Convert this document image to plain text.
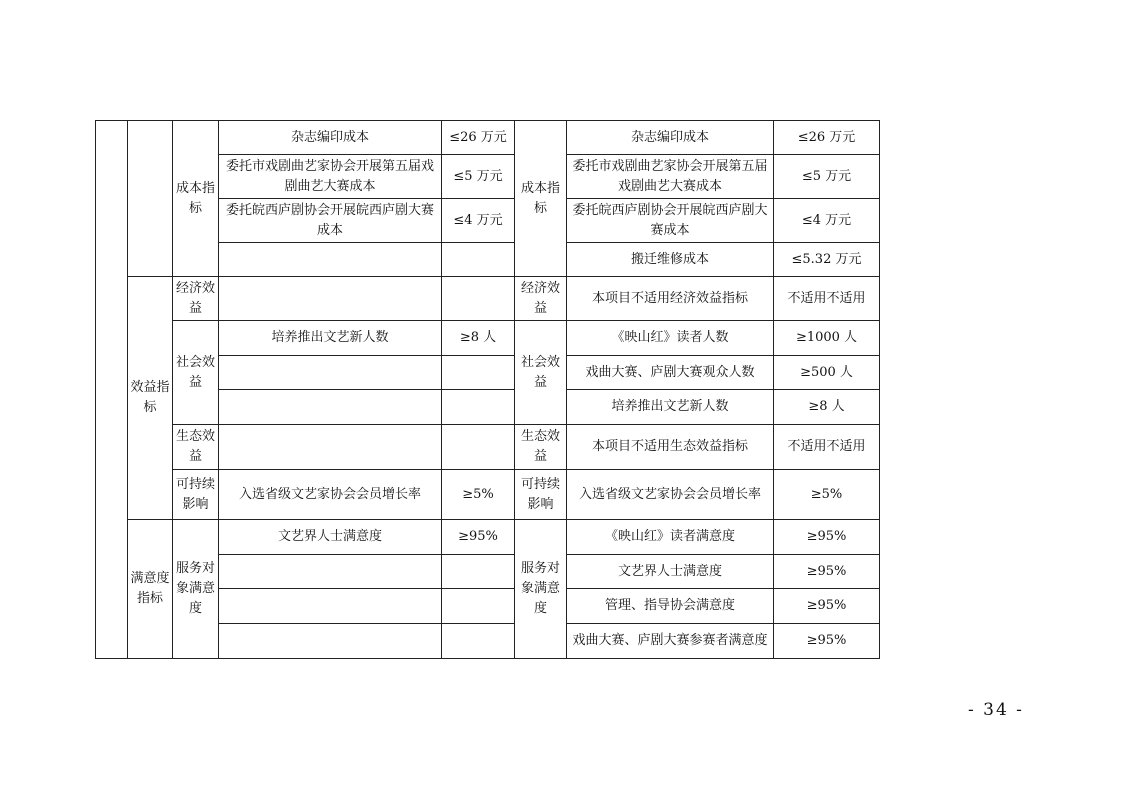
		成本指标	杂志编印成本	≤26 万元	成本指标	杂志编印成本	≤26 万元
			委托市戏剧曲艺家协会开展第五届戏剧曲艺大赛成本	≤5 万元		委托市戏剧曲艺家协会开展第五届戏剧曲艺大赛成本	≤5 万元
			委托皖西庐剧协会开展皖西庐剧大赛成本	≤4 万元		委托皖西庐剧协会开展皖西庐剧大赛成本	≤4 万元
						搬迁维修成本	≤5.32 万元
	效益指标	经济效益			经济效益	本项目不适用经济效益指标	不适用不适用
		社会效益	培养推出文艺新人数	≥8 人	社会效益	《映山红》读者人数	≥1000 人
						戏曲大赛、庐剧大赛观众人数	≥500 人
						培养推出文艺新人数	≥8 人
		生态效益			生态效益	本项目不适用生态效益指标	不适用不适用
		可持续影响	入选省级文艺家协会会员增长率	≥5%	可持续影响	入选省级文艺家协会会员增长率	≥5%
	满意度指标	服务对象满意度	文艺界人士满意度	≥95%	服务对象满意度	《映山红》读者满意度	≥95%
						文艺界人士满意度	≥95%
						管理、指导协会满意度	≥95%
						戏曲大赛、庐剧大赛参赛者满意度	≥95%
- 34 -
